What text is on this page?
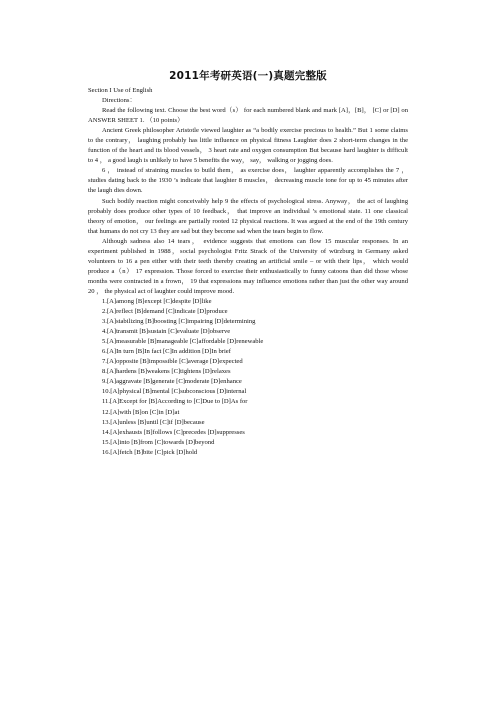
2011年考研英语(一)真题完整版

Section I Use of English

Directions：

Read the following text. Choose the best word（s） for each numbered blank and mark [A]，[B]， [C] or [D] on ANSWER SHEET 1. （10 points）

Ancient Greek philosopher Aristotle viewed laughter as “a bodily exercise precious to health.” But 1 some claims to the contrary， laughing probably has little influence on physical fitness Laughter does 2 short-term changes in the function of the heart and its blood vessels， 3 heart rate and oxygen consumption But because hard laughter is difficult to 4 ， a good laugh is unlikely to have 5 benefits the way， say， walking or jogging does.

6 ， instead of straining muscles to build them， as exercise does， laughter apparently accomplishes the 7 ， studies dating back to the 1930 ’s indicate that laughter 8 muscles， decreasing muscle tone for up to 45 minutes after the laugh dies down.

Such bodily reaction might conceivably help 9 the effects of psychological stress. Anyway， the act of laughing probably does produce other types of 10 feedback， that improve an individual ’s emotional state. 11 one classical theory of emotion， our feelings are partially rooted 12 physical reactions. It was argued at the end of the 19th century that humans do not cry 13 they are sad but they become sad when the tears begin to flow.

Although sadness also 14 tears， evidence suggests that emotions can flow 15 muscular responses. In an experiment published in 1988，social psychologist Fritz Strack of the University of würzburg in Germany asked volunteers to 16 a pen either with their teeth thereby creating an artificial smile – or with their lips， which would produce a（n） 17 expression. Those forced to exercise their enthusiastically to funny catoons than did those whose months were contracted in a frown， 19 that expressions may influence emotions rather than just the other way around 20 ， the physical act of laughter could improve mood.

1.[A]among [B]except [C]despite [D]like
2.[A]reflect [B]demand [C]indicate [D]produce
3.[A]stabilizing [B]boosting [C]impairing [D]determining
4.[A]transmit [B]sustain [C]evaluate [D]observe
5.[A]measurable [B]manageable [C]affordable [D]renewable
6.[A]In turn [B]In fact [C]In addition [D]In brief
7.[A]opposite [B]impossible [C]average [D]expected
8.[A]hardens [B]weakens [C]tightens [D]relaxes
9.[A]aggravate [B]generate [C]moderate [D]enhance
10.[A]physical [B]mental [C]subconscious [D]internal
11.[A]Except for [B]According to [C]Due to [D]As for
12.[A]with [B]on [C]in [D]at
13.[A]unless [B]until [C]if [D]because
14.[A]exhausts [B]follows [C]precedes [D]suppresses
15.[A]into [B]from [C]towards [D]beyond
16.[A]fetch [B]bite [C]pick [D]hold
